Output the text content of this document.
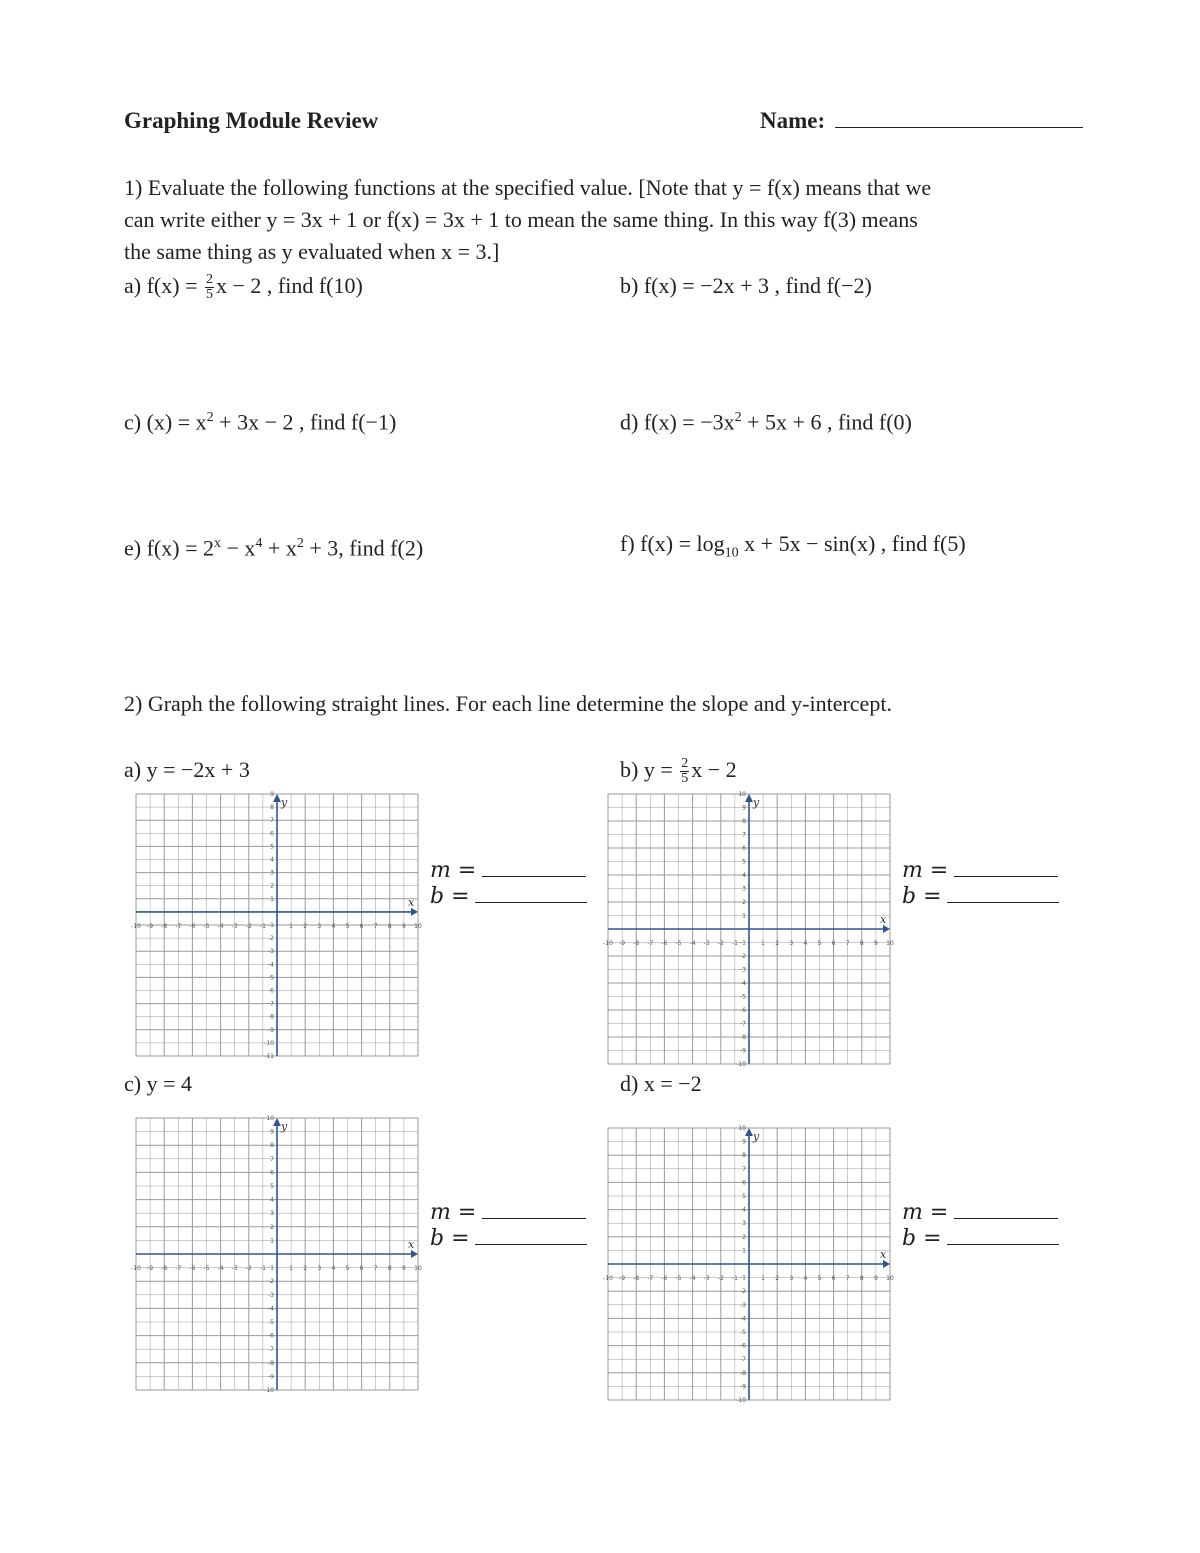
Graphing Module Review	Name:
1) Evaluate the following functions at the specified value. [Note that y = f(x) means that we
can write either y = 3x + 1 or f(x) = 3x + 1 to mean the same thing. In this way f(3) means
the same thing as y evaluated when x = 3.]
a) $f(x) = \frac{2}{5}$ x − 2 , find f(10)	b) f(x) = −2x + 3 , find f(−2)
c) $(x) = x^2 + 3x - 2$ , find f(−1)	d) $f(x) = -3x^2 + 5x + 6$ , find f(0)
e) $f(x) = 2^x - x^4 + x^2 + 3$, find f(2)	f) $f(x) = \log_{10} x + 5x - \sin(x)$ , find f(5)
2) Graph the following straight lines. For each line determine the slope and y-intercept.
a) y = −2x + 3	b) $y = \frac{2}{5}$ x − 2
c) y = 4	d) x = −2
x
y
-10 -9 -8 -7 -6 -5 -4 -3 -2 -1	1 2 3 4 5 6 7 8 9 10
9
8
7
6
5
4
3
2
1
-1
-2
-3
-4
-5
-6
-7
-8
-9
-10
-11
x
y
-10 -9 -8 -7 -6 -5 -4 -3 -2 -1	1 2 3 4 5 6 7 8 9 10
10
9
8
7
6
5
4
3
2
1
-1
-2
-3
-4
-5
-6
-7
-8
-9
-10
x
y
-10 -9 -8 -7 -6 -5 -4 -3 -2 -1	1 2 3 4 5 6 7 8 9 10
10
9
8
7
6
5
4
3
2
1
-1
-2
-3
-4
-5
-6
-7
-8
-9
-10
x
y
-10 -9 -8 -7 -6 -5 -4 -3 -2 -1	1 2 3 4 5 6 7 8 9 10
10
9
8
7
6
5
4
3
2
1
-1
-2
-3
-4
-5
-6
-7
-8
-9
-10
m =
b =
m =
b =
m =
b =
m =
b =
